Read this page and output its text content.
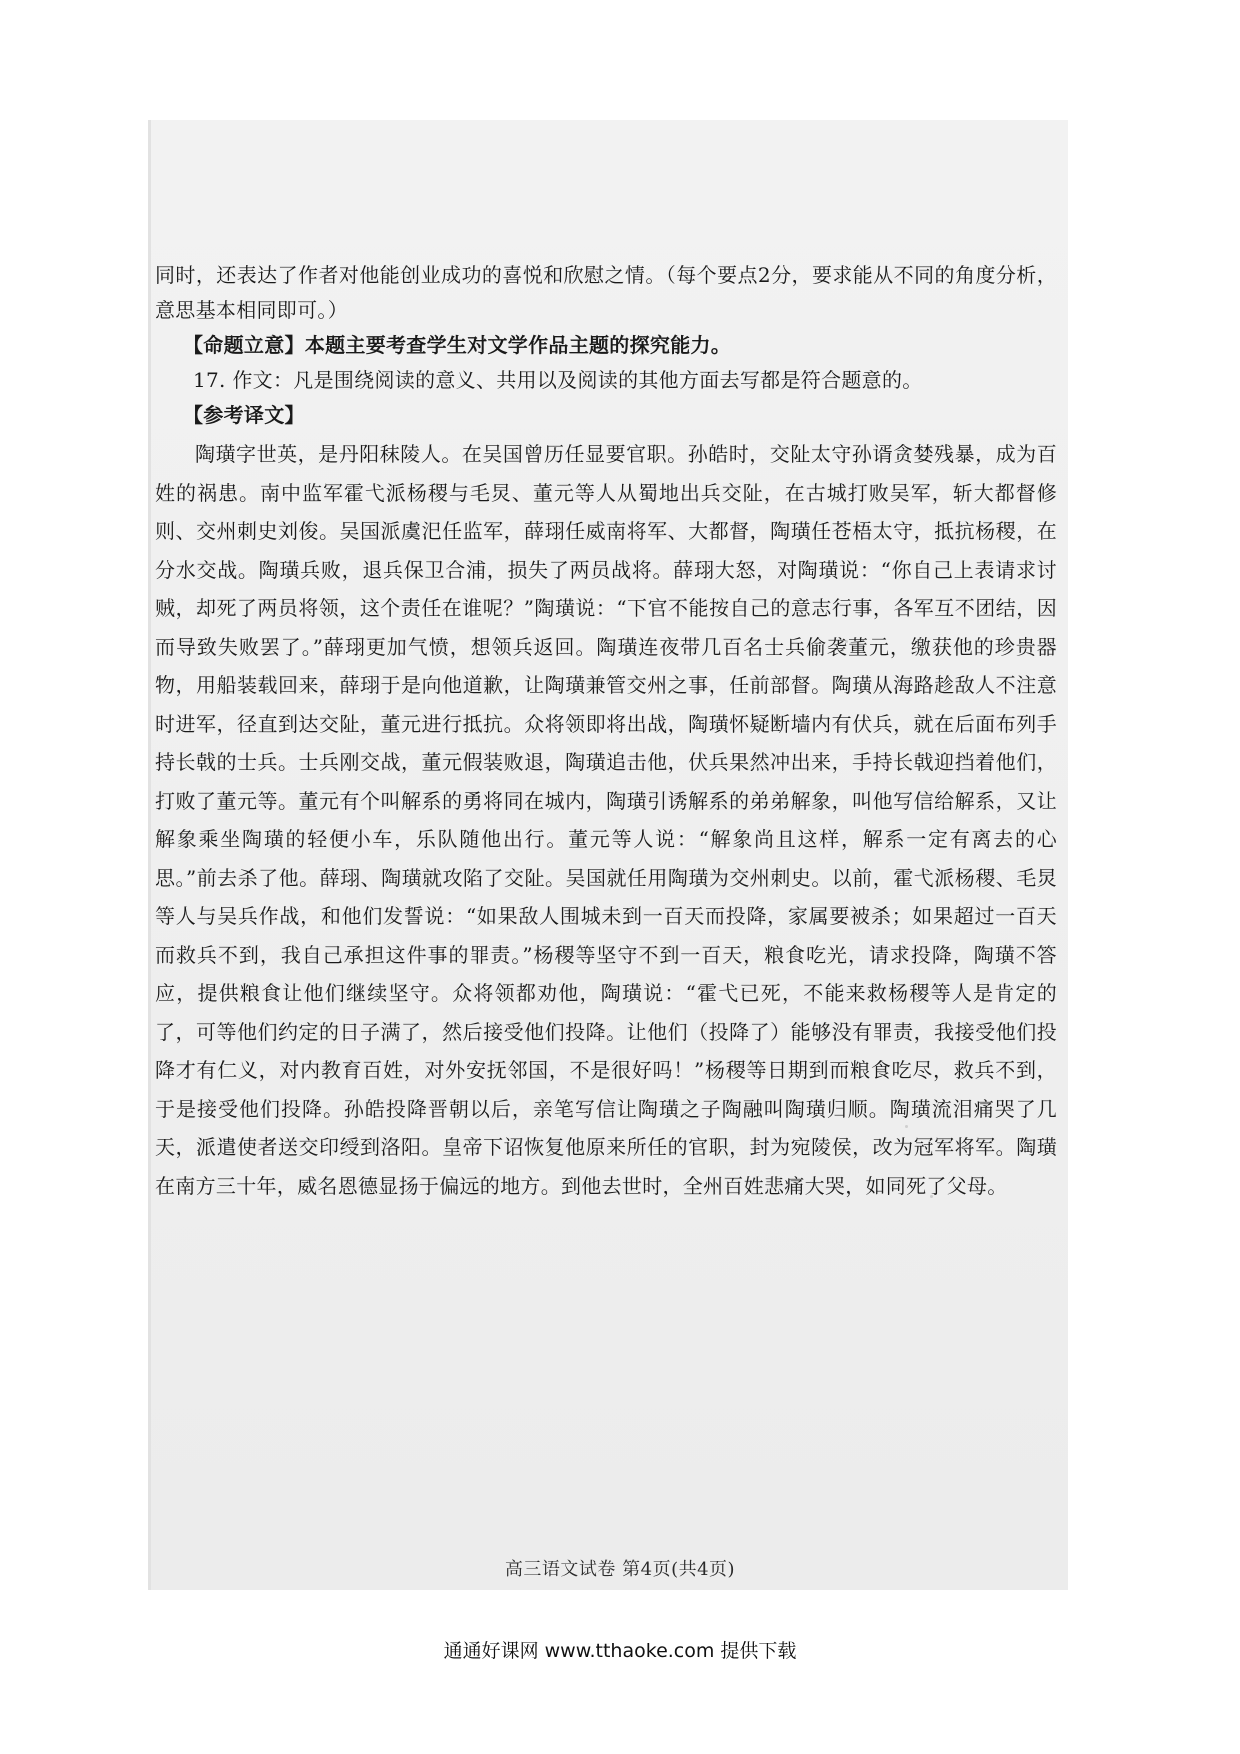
同时，还表达了作者对他能创业成功的喜悦和欣慰之情。（每个要点2分，要求能从不同的角度分析，意思基本相同即可。）

【命题立意】本题主要考查学生对文学作品主题的探究能力。

17. 作文：凡是围绕阅读的意义、共用以及阅读的其他方面去写都是符合题意的。

【参考译文】

陶璜字世英，是丹阳秣陵人。在吴国曾历任显要官职。孙皓时，交阯太守孙谞贪婪残暴，成为百姓的祸患。南中监军霍弋派杨稷与毛炅、董元等人从蜀地出兵交阯，在古城打败吴军，斩大都督修则、交州刺史刘俊。吴国派虞汜任监军，薛珝任威南将军、大都督，陶璜任苍梧太守，抵抗杨稷，在分水交战。陶璜兵败，退兵保卫合浦，损失了两员战将。薛珝大怒，对陶璜说：“你自己上表请求讨贼，却死了两员将领，这个责任在谁呢？”陶璜说：“下官不能按自己的意志行事，各军互不团结，因而导致失败罢了。”薛珝更加气愤，想领兵返回。陶璜连夜带几百名士兵偷袭董元，缴获他的珍贵器物，用船装载回来，薛珝于是向他道歉，让陶璜兼管交州之事，任前部督。陶璜从海路趁敌人不注意时进军，径直到达交阯，董元进行抵抗。众将领即将出战，陶璜怀疑断墙内有伏兵，就在后面布列手持长戟的士兵。士兵刚交战，董元假装败退，陶璜追击他，伏兵果然冲出来，手持长戟迎挡着他们，打败了董元等。董元有个叫解系的勇将同在城内，陶璜引诱解系的弟弟解象，叫他写信给解系，又让解象乘坐陶璜的轻便小车，乐队随他出行。董元等人说：“解象尚且这样，解系一定有离去的心思。”前去杀了他。薛珝、陶璜就攻陷了交阯。吴国就任用陶璜为交州刺史。以前，霍弋派杨稷、毛炅等人与吴兵作战，和他们发誓说：“如果敌人围城未到一百天而投降，家属要被杀；如果超过一百天而救兵不到，我自己承担这件事的罪责。”杨稷等坚守不到一百天，粮食吃光，请求投降，陶璜不答应，提供粮食让他们继续坚守。众将领都劝他，陶璜说：“霍弋已死，不能来救杨稷等人是肯定的了，可等他们约定的日子满了，然后接受他们投降。让他们（投降了）能够没有罪责，我接受他们投降才有仁义，对内教育百姓，对外安抚邻国，不是很好吗！”杨稷等日期到而粮食吃尽，救兵不到，于是接受他们投降。孙皓投降晋朝以后，亲笔写信让陶璜之子陶融叫陶璜归顺。陶璜流泪痛哭了几天，派遣使者送交印绶到洛阳。皇帝下诏恢复他原来所任的官职，封为宛陵侯，改为冠军将军。陶璜在南方三十年，威名恩德显扬于偏远的地方。到他去世时，全州百姓悲痛大哭，如同死了父母。

高三语文试卷 第4页(共4页)
通通好课网 www.tthaoke.com 提供下载
